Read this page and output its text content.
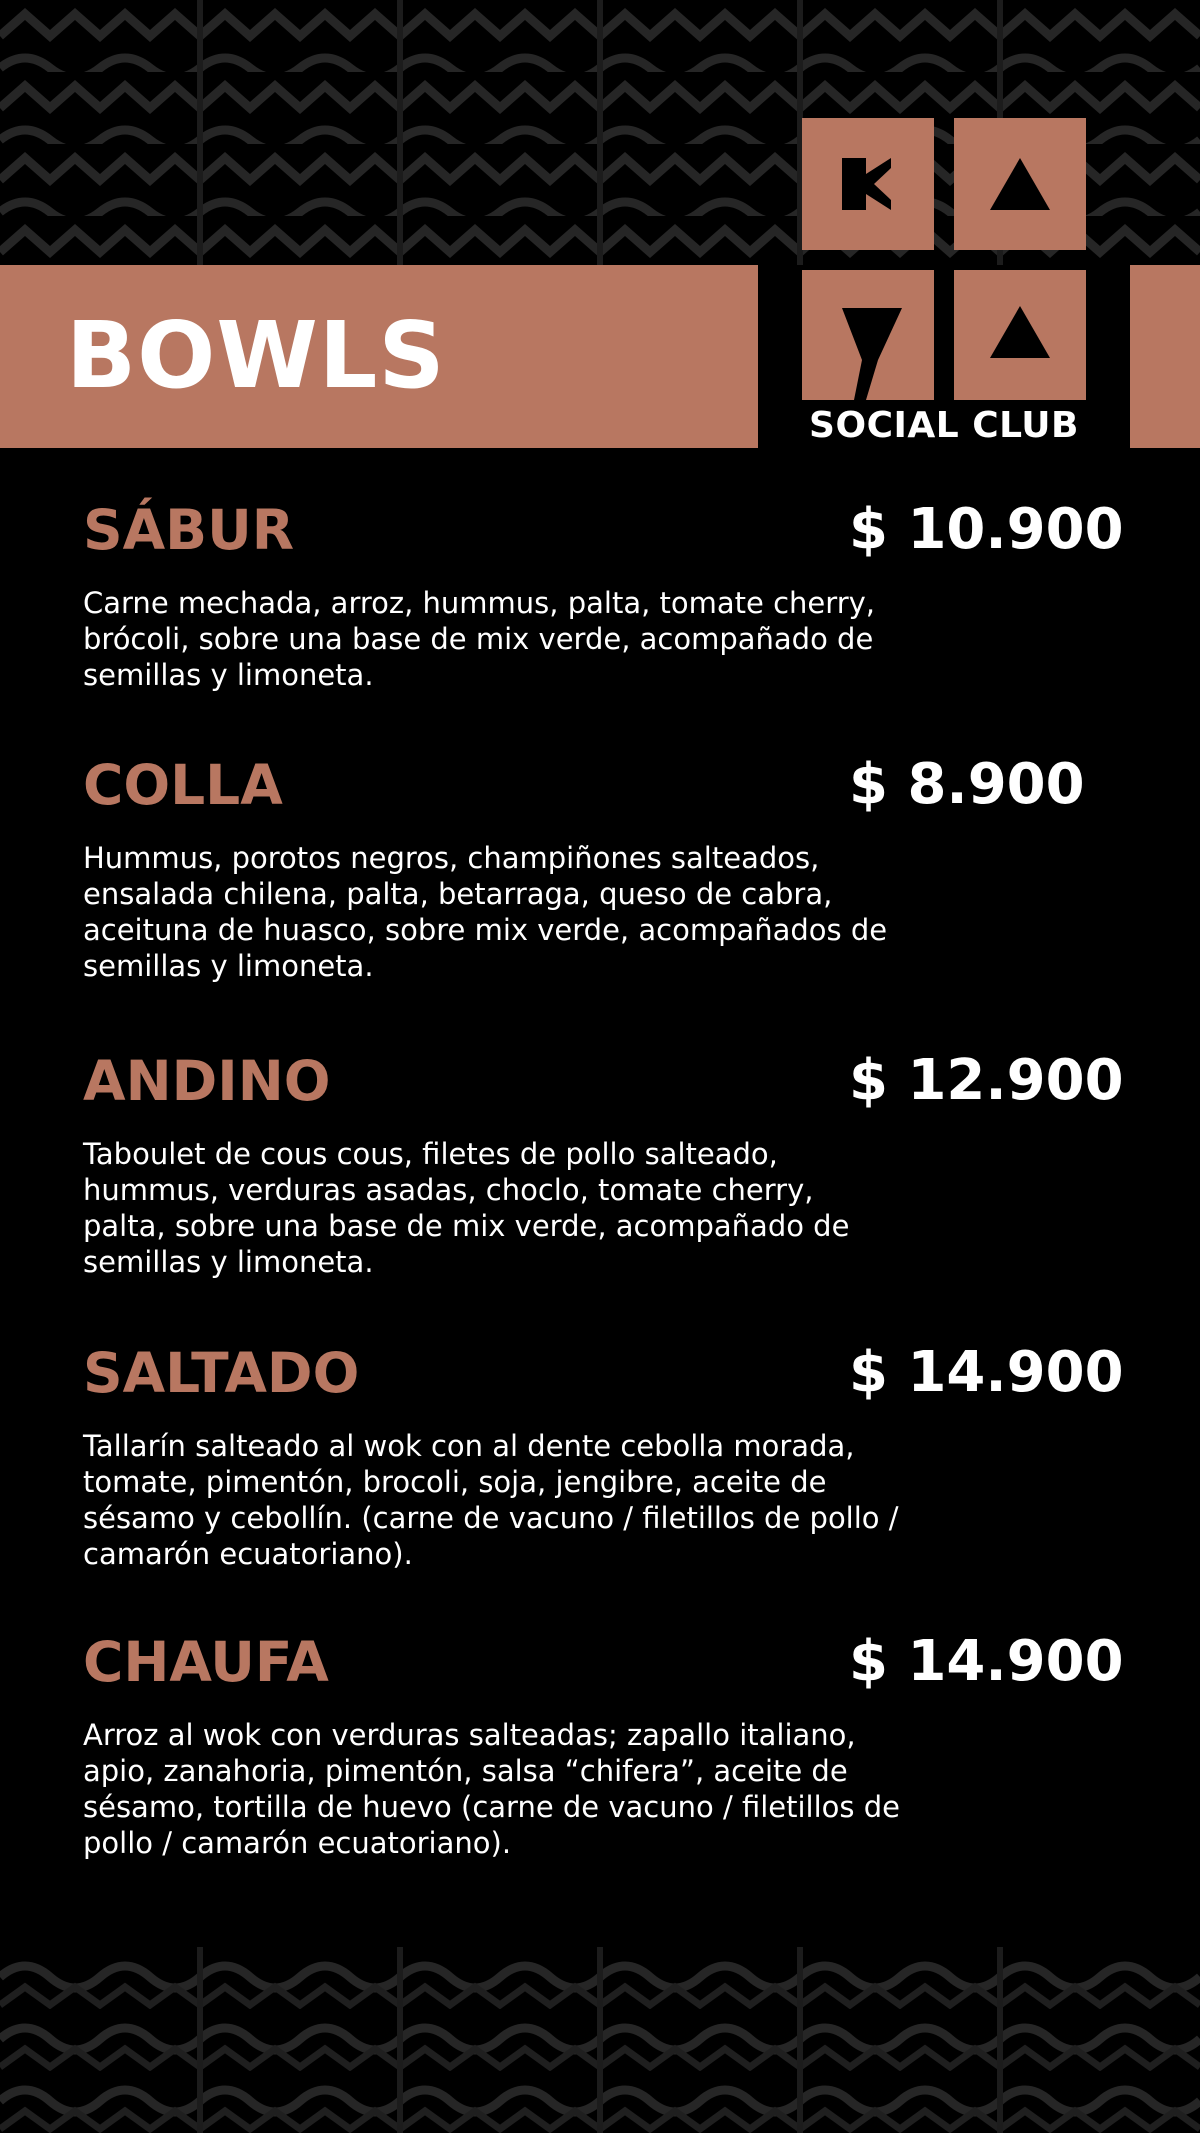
BOWLS
SOCIAL CLUB
SÁBUR	$ 10.900

Carne mechada, arroz, hummus, palta, tomate cherry, brócoli, sobre una base de mix verde, acompañado de semillas y limoneta.

COLLA	$ 8.900

Hummus, porotos negros, champiñones salteados, ensalada chilena, palta, betarraga, queso de cabra, aceituna de huasco, sobre mix verde, acompañados de semillas y limoneta.

ANDINO	$ 12.900

Taboulet de cous cous, filetes de pollo salteado, hummus, verduras asadas, choclo, tomate cherry, palta, sobre una base de mix verde, acompañado de semillas y limoneta.

SALTADO	$ 14.900

Tallarín salteado al wok con al dente cebolla morada, tomate, pimentón, brocoli, soja, jengibre, aceite de sésamo y cebollín. (carne de vacuno / filetillos de pollo / camarón ecuatoriano).

CHAUFA	$ 14.900

Arroz al wok con verduras salteadas; zapallo italiano, apio, zanahoria, pimentón, salsa “chifera”, aceite de sésamo, tortilla de huevo (carne de vacuno / filetillos de pollo / camarón ecuatoriano).
